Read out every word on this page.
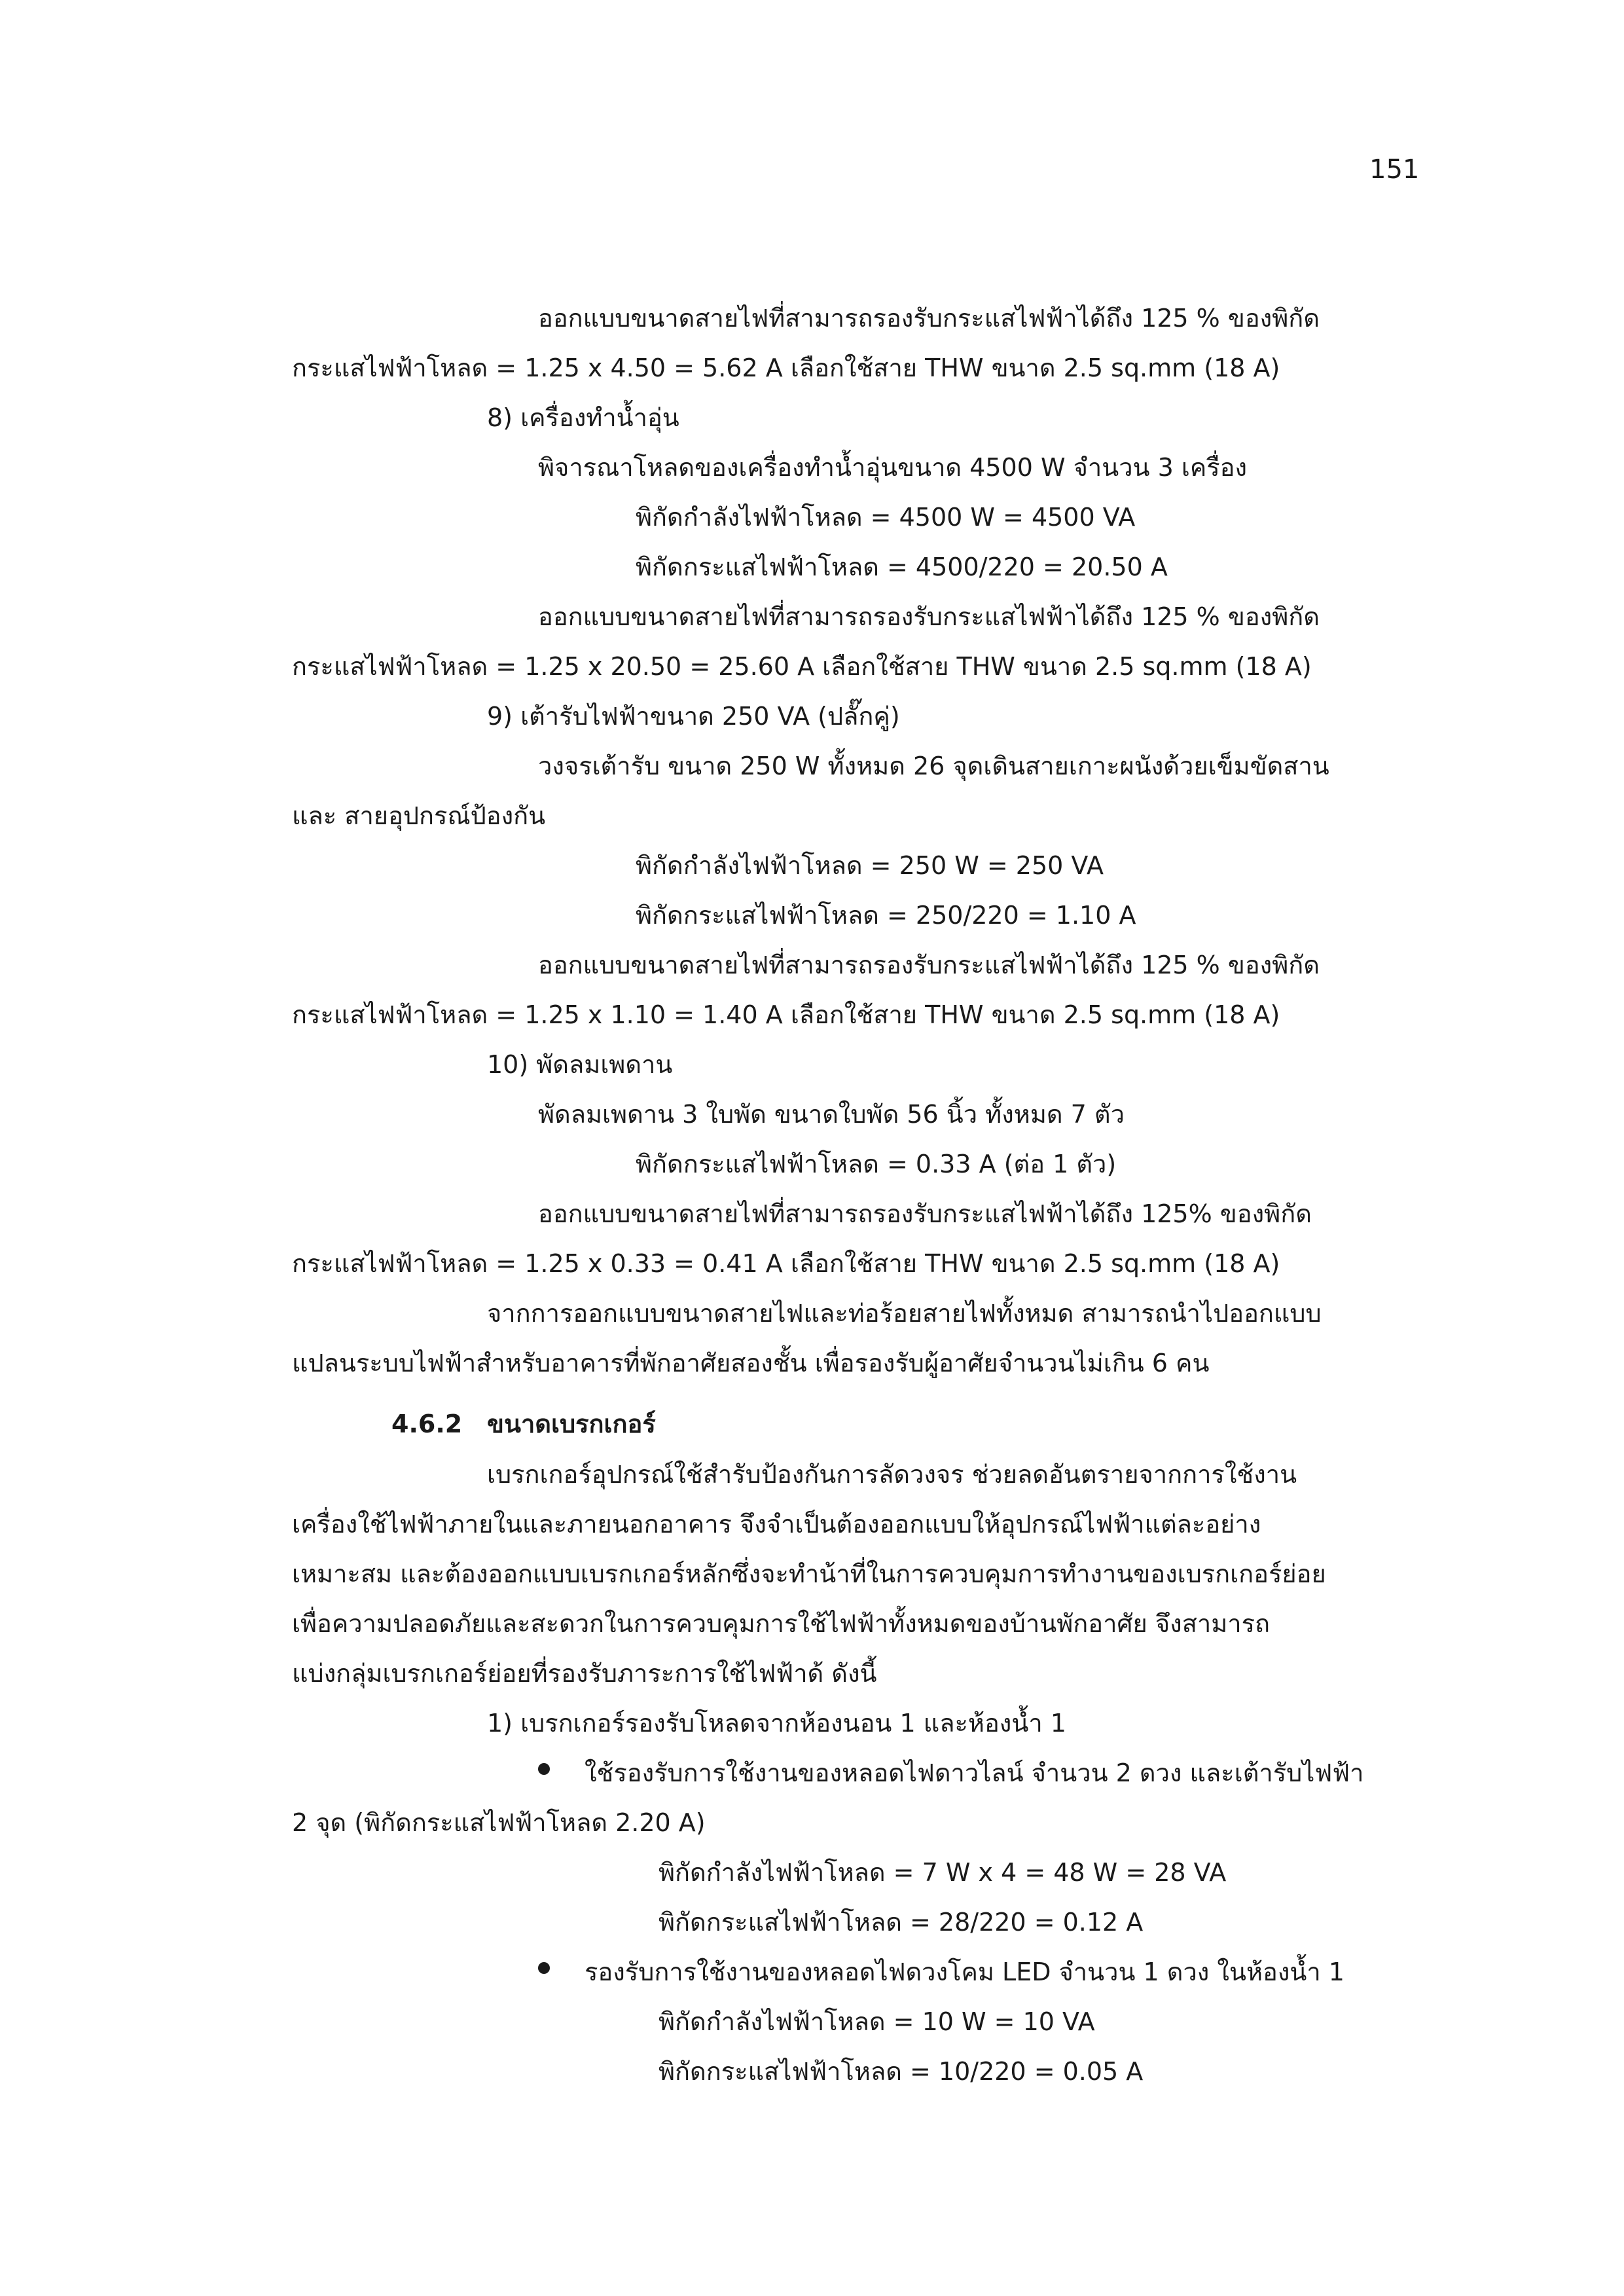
151
ออกแบบขนาดสายไฟที่สามารถรองรับกระแสไฟฟ้าได้ถึง 125 % ของพิกัด
กระแสไฟฟ้าโหลด = 1.25 x 4.50 = 5.62 A เลือกใช้สาย THW ขนาด 2.5 sq.mm (18 A)
8) เครื่องทำน้ำอุ่น
พิจารณาโหลดของเครื่องทำน้ำอุ่นขนาด 4500 W จำนวน 3 เครื่อง
พิกัดกำลังไฟฟ้าโหลด = 4500 W = 4500 VA
พิกัดกระแสไฟฟ้าโหลด = 4500/220 = 20.50 A
ออกแบบขนาดสายไฟที่สามารถรองรับกระแสไฟฟ้าได้ถึง 125 % ของพิกัด
กระแสไฟฟ้าโหลด = 1.25 x 20.50 = 25.60 A เลือกใช้สาย THW ขนาด 2.5 sq.mm (18 A)
9) เต้ารับไฟฟ้าขนาด 250 VA (ปลั๊กคู่)
วงจรเต้ารับ ขนาด 250 W ทั้งหมด 26 จุดเดินสายเกาะผนังด้วยเข็มขัดสาน
และ สายอุปกรณ์ป้องกัน
พิกัดกำลังไฟฟ้าโหลด = 250 W = 250 VA
พิกัดกระแสไฟฟ้าโหลด = 250/220 = 1.10 A
ออกแบบขนาดสายไฟที่สามารถรองรับกระแสไฟฟ้าได้ถึง 125 % ของพิกัด
กระแสไฟฟ้าโหลด = 1.25 x 1.10 = 1.40 A เลือกใช้สาย THW ขนาด 2.5 sq.mm (18 A)
10) พัดลมเพดาน
พัดลมเพดาน 3 ใบพัด ขนาดใบพัด 56 นิ้ว ทั้งหมด 7 ตัว
พิกัดกระแสไฟฟ้าโหลด = 0.33 A (ต่อ 1 ตัว)
ออกแบบขนาดสายไฟที่สามารถรองรับกระแสไฟฟ้าได้ถึง 125% ของพิกัด
กระแสไฟฟ้าโหลด = 1.25 x 0.33 = 0.41 A เลือกใช้สาย THW ขนาด 2.5 sq.mm (18 A)
จากการออกแบบขนาดสายไฟและท่อร้อยสายไฟทั้งหมด สามารถนำไปออกแบบ
แปลนระบบไฟฟ้าสำหรับอาคารที่พักอาศัยสองชั้น เพื่อรองรับผู้อาศัยจำนวนไม่เกิน 6 คน
4.6.2 ขนาดเบรกเกอร์
เบรกเกอร์อุปกรณ์ใช้สำรับป้องกันการลัดวงจร ช่วยลดอันตรายจากการใช้งาน
เครื่องใช้ไฟฟ้าภายในและภายนอกอาคาร จึงจำเป็นต้องออกแบบให้อุปกรณ์ไฟฟ้าแต่ละอย่าง
เหมาะสม และต้องออกแบบเบรกเกอร์หลักซึ่งจะทำน้าที่ในการควบคุมการทำงานของเบรกเกอร์ย่อย
เพื่อความปลอดภัยและสะดวกในการควบคุมการใช้ไฟฟ้าทั้งหมดของบ้านพักอาศัย จึงสามารถ
แบ่งกลุ่มเบรกเกอร์ย่อยที่รองรับภาระการใช้ไฟฟ้าด้ ดังนี้
1) เบรกเกอร์รองรับโหลดจากห้องนอน 1 และห้องน้ำ 1
ใช้รองรับการใช้งานของหลอดไฟดาวไลน์ จำนวน 2 ดวง และเต้ารับไฟฟ้า
2 จุด (พิกัดกระแสไฟฟ้าโหลด 2.20 A)
พิกัดกำลังไฟฟ้าโหลด = 7 W x 4 = 48 W = 28 VA
พิกัดกระแสไฟฟ้าโหลด = 28/220 = 0.12 A
รองรับการใช้งานของหลอดไฟดวงโคม LED จำนวน 1 ดวง ในห้องน้ำ 1
พิกัดกำลังไฟฟ้าโหลด = 10 W = 10 VA
พิกัดกระแสไฟฟ้าโหลด = 10/220 = 0.05 A
